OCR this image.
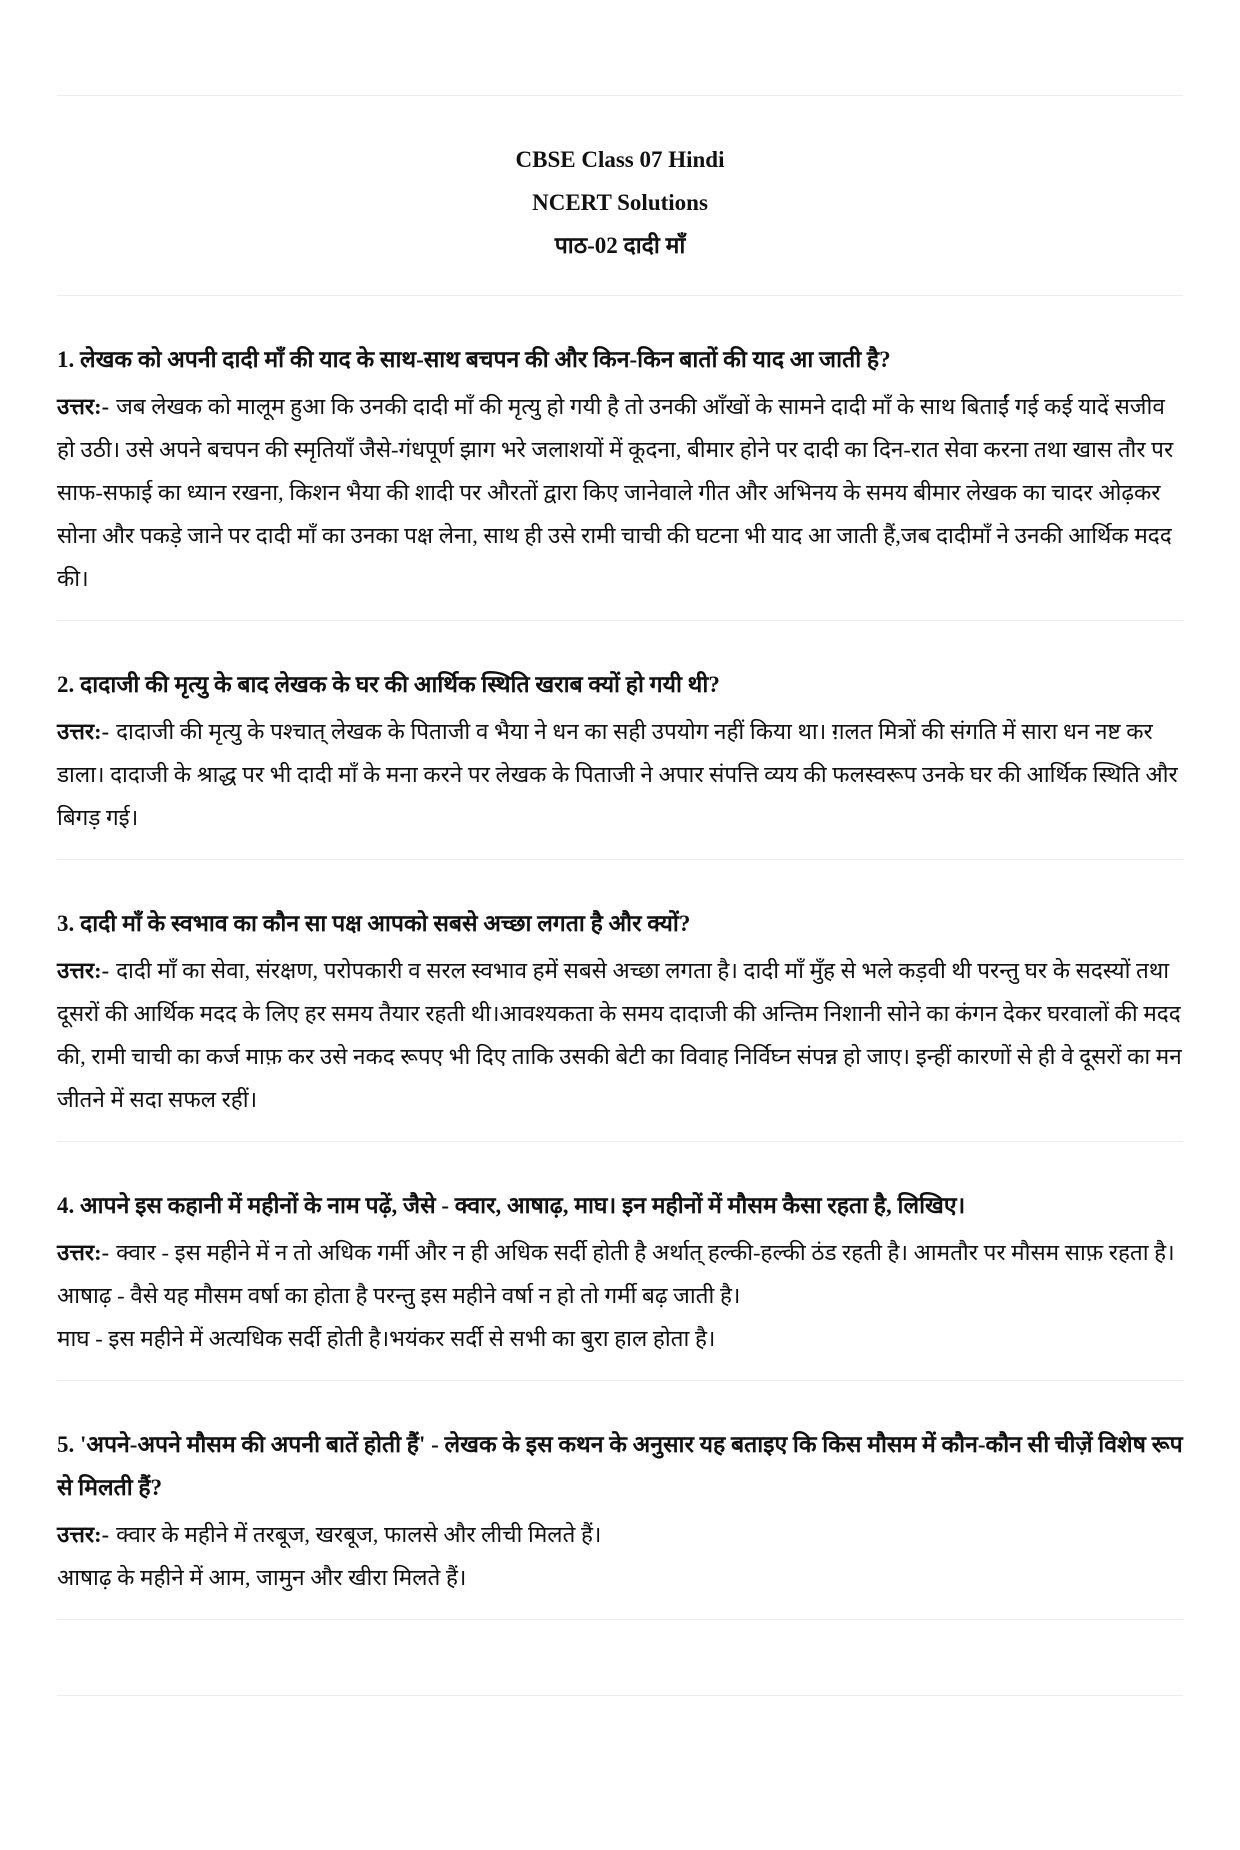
CBSE Class 07 Hindi

NCERT Solutions

पाठ-02 दादी माँ

1. लेखक को अपनी दादी माँ की याद के साथ-साथ बचपन की और किन-किन बातों की याद आ जाती है?

उत्तर:- जब लेखक को मालूम हुआ कि उनकी दादी माँ की मृत्यु हो गयी है तो उनकी आँखों के सामने दादी माँ के साथ बिताईं गई कई यादें सजीव हो उठी। उसे अपने बचपन की स्मृतियाँ जैसे-गंधपूर्ण झाग भरे जलाशयों में कूदना, बीमार होने पर दादी का दिन-रात सेवा करना तथा खास तौर पर साफ-सफाई का ध्यान रखना, किशन भैया की शादी पर औरतों द्वारा किए जानेवाले गीत और अभिनय के समय बीमार लेखक का चादर ओढ़कर सोना और पकड़े जाने पर दादी माँ का उनका पक्ष लेना, साथ ही उसे रामी चाची की घटना भी याद आ जाती हैं,जब दादीमाँ ने उनकी आर्थिक मदद की।

2. दादाजी की मृत्यु के बाद लेखक के घर की आर्थिक स्थिति खराब क्यों हो गयी थी?

उत्तर:- दादाजी की मृत्यु के पश्चात् लेखक के पिताजी व भैया ने धन का सही उपयोग नहीं किया था। ग़लत मित्रों की संगति में सारा धन नष्ट कर डाला। दादाजी के श्राद्ध पर भी दादी माँ के मना करने पर लेखक के पिताजी ने अपार संपत्ति व्यय की फलस्वरूप उनके घर की आर्थिक स्थिति और बिगड़ गई।

3. दादी माँ के स्वभाव का कौन सा पक्ष आपको सबसे अच्छा लगता है और क्यों?

उत्तर:- दादी माँ का सेवा, संरक्षण, परोपकारी व सरल स्वभाव हमें सबसे अच्छा लगता है। दादी माँ मुँह से भले कड़वी थी परन्तु घर के सदस्यों तथा दूसरों की आर्थिक मदद के लिए हर समय तैयार रहती थी।आवश्यकता के समय दादाजी की अन्तिम निशानी सोने का कंगन देकर घरवालों की मदद की, रामी चाची का कर्ज माफ़ कर उसे नकद रूपए भी दिए ताकि उसकी बेटी का विवाह निर्विघ्न संपन्न हो जाए। इन्हीं कारणों से ही वे दूसरों का मन जीतने में सदा सफल रहीं।

4. आपने इस कहानी में महीनों के नाम पढ़ें, जैसे - क्वार, आषाढ़, माघ। इन महीनों में मौसम कैसा रहता है, लिखिए।

उत्तर:- क्वार - इस महीने में न तो अधिक गर्मी और न ही अधिक सर्दी होती है अर्थात् हल्की-हल्की ठंड रहती है। आमतौर पर मौसम साफ़ रहता है।

आषाढ़ - वैसे यह मौसम वर्षा का होता है परन्तु इस महीने वर्षा न हो तो गर्मी बढ़ जाती है।

माघ - इस महीने में अत्यधिक सर्दी होती है।भयंकर सर्दी से सभी का बुरा हाल होता है।

5. 'अपने-अपने मौसम की अपनी बातें होती हैं' - लेखक के इस कथन के अनुसार यह बताइए कि किस मौसम में कौन-कौन सी चीज़ें विशेष रूप से मिलती हैं?

उत्तर:- क्वार के महीने में तरबूज, खरबूज, फालसे और लीची मिलते हैं।

आषाढ़ के महीने में आम, जामुन और खीरा मिलते हैं।
